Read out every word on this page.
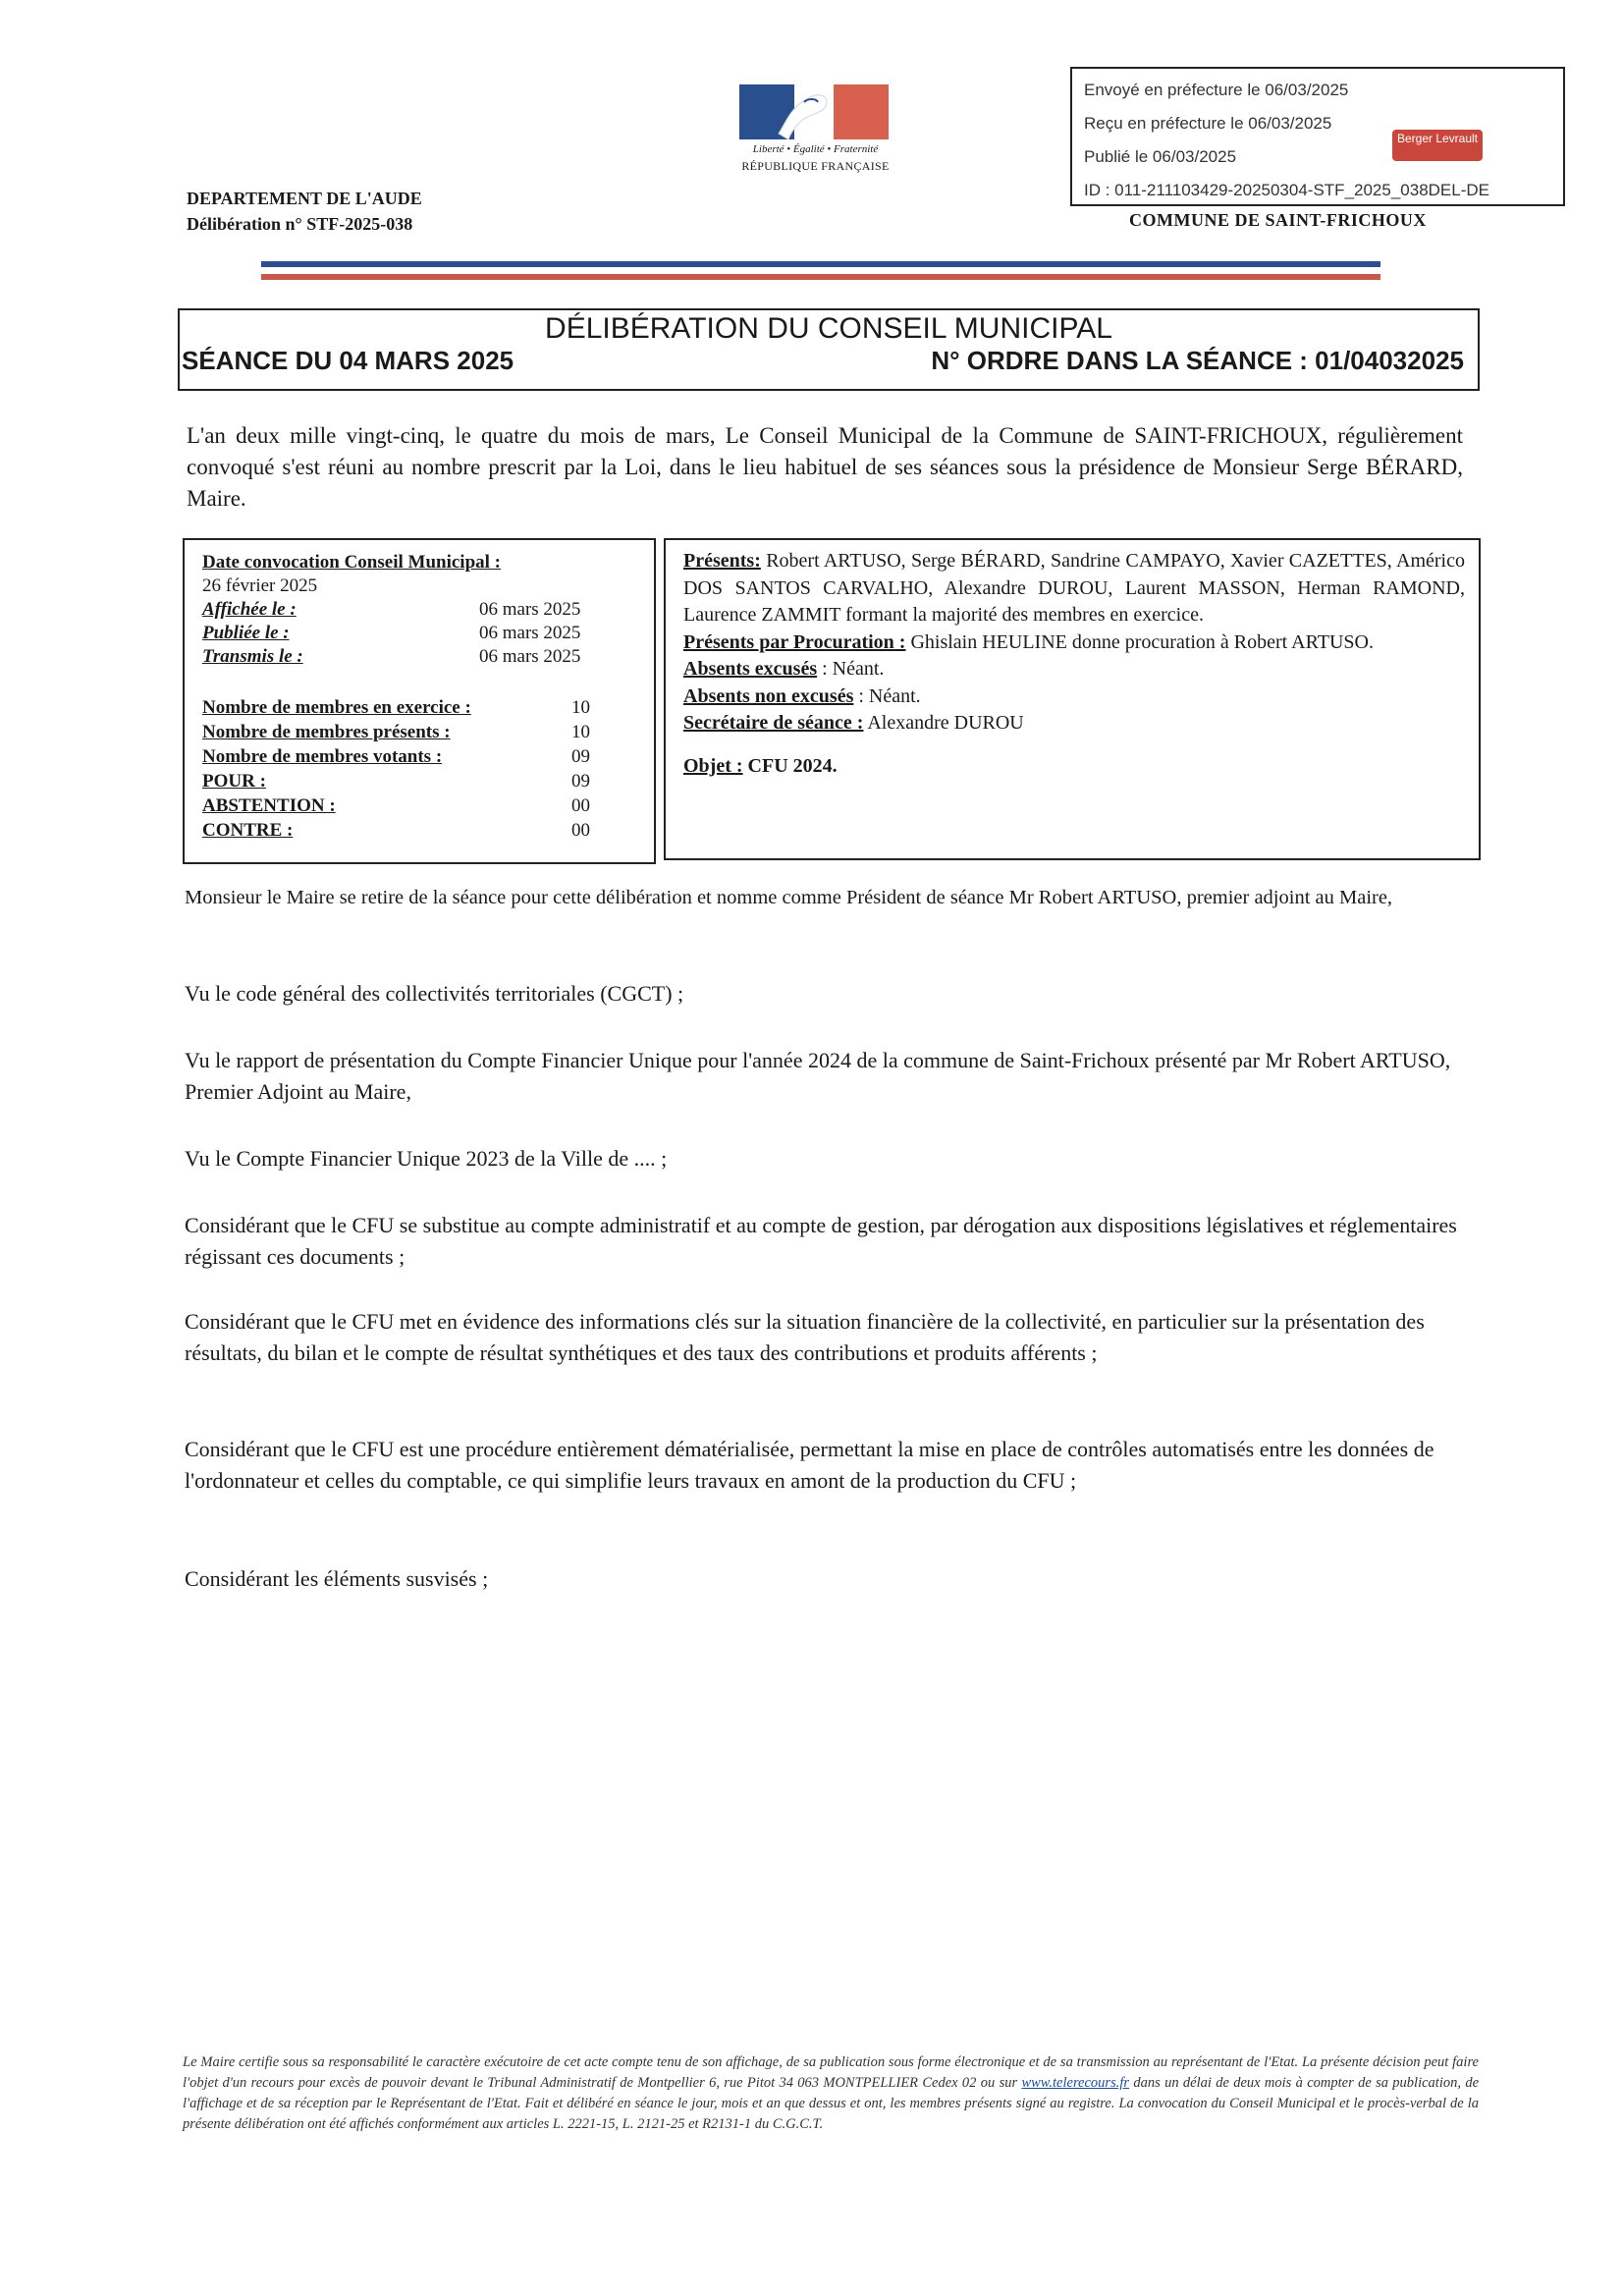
Liberté • Égalité • Fraternité
RÉPUBLIQUE FRANÇAISE
Envoyé en préfecture le 06/03/2025
Reçu en préfecture le 06/03/2025
Publié le 06/03/2025
ID : 011-211103429-20250304-STF_2025_038DEL-DE
Berger Levrault
DEPARTEMENT DE L'AUDE
Délibération n° STF-2025-038	COMMUNE DE SAINT-FRICHOUX
DÉLIBÉRATION DU CONSEIL MUNICIPAL
SÉANCE DU 04 MARS 2025	N° ORDRE DANS LA SÉANCE : 01/04032025
L'an deux mille vingt-cinq, le quatre du mois de mars, Le Conseil Municipal de la Commune de SAINT-FRICHOUX, régulièrement convoqué s'est réuni au nombre prescrit par la Loi, dans le lieu habituel de ses séances sous la présidence de Monsieur Serge BÉRARD, Maire.
Date convocation Conseil Municipal :
26 février 2025
Affichée le :	06 mars 2025
Publiée le :	06 mars 2025
Transmis le :	06 mars 2025
Nombre de membres en exercice :	10
Nombre de membres présents :	10
Nombre de membres votants :	09
POUR :	09
ABSTENTION :	00
CONTRE :	00
Présents: Robert ARTUSO, Serge BÉRARD, Sandrine CAMPAYO, Xavier CAZETTES, Américo DOS SANTOS CARVALHO, Alexandre DUROU, Laurent MASSON, Herman RAMOND, Laurence ZAMMIT formant la majorité des membres en exercice.
Présents par Procuration : Ghislain HEULINE donne procuration à Robert ARTUSO.
Absents excusés : Néant.
Absents non excusés : Néant.
Secrétaire de séance : Alexandre DUROU
Objet : CFU 2024.
Monsieur le Maire se retire de la séance pour cette délibération et nomme comme Président de séance Mr Robert ARTUSO, premier adjoint au Maire,
Vu le code général des collectivités territoriales (CGCT) ;
Vu le rapport de présentation du Compte Financier Unique pour l'année 2024 de la commune de Saint-Frichoux présenté par Mr Robert ARTUSO, Premier Adjoint au Maire,
Vu le Compte Financier Unique 2023 de la Ville de .... ;
Considérant que le CFU se substitue au compte administratif et au compte de gestion, par dérogation aux dispositions législatives et réglementaires régissant ces documents ;
Considérant que le CFU met en évidence des informations clés sur la situation financière de la collectivité, en particulier sur la présentation des résultats, du bilan et le compte de résultat synthétiques et des taux des contributions et produits afférents ;
Considérant que le CFU est une procédure entièrement dématérialisée, permettant la mise en place de contrôles automatisés entre les données de l'ordonnateur et celles du comptable, ce qui simplifie leurs travaux en amont de la production du CFU ;
Considérant les éléments susvisés ;
Le Maire certifie sous sa responsabilité le caractère exécutoire de cet acte compte tenu de son affichage, de sa publication sous forme électronique et de sa transmission au représentant de l'Etat. La présente décision peut faire l'objet d'un recours pour excès de pouvoir devant le Tribunal Administratif de Montpellier 6, rue Pitot 34 063 MONTPELLIER Cedex 02 ou sur www.telerecours.fr dans un délai de deux mois à compter de sa publication, de l'affichage et de sa réception par le Représentant de l'Etat. Fait et délibéré en séance le jour, mois et an que dessus et ont, les membres présents signé au registre. La convocation du Conseil Municipal et le procès-verbal de la présente délibération ont été affichés conformément aux articles L. 2221-15, L. 2121-25 et R2131-1 du C.G.C.T.
